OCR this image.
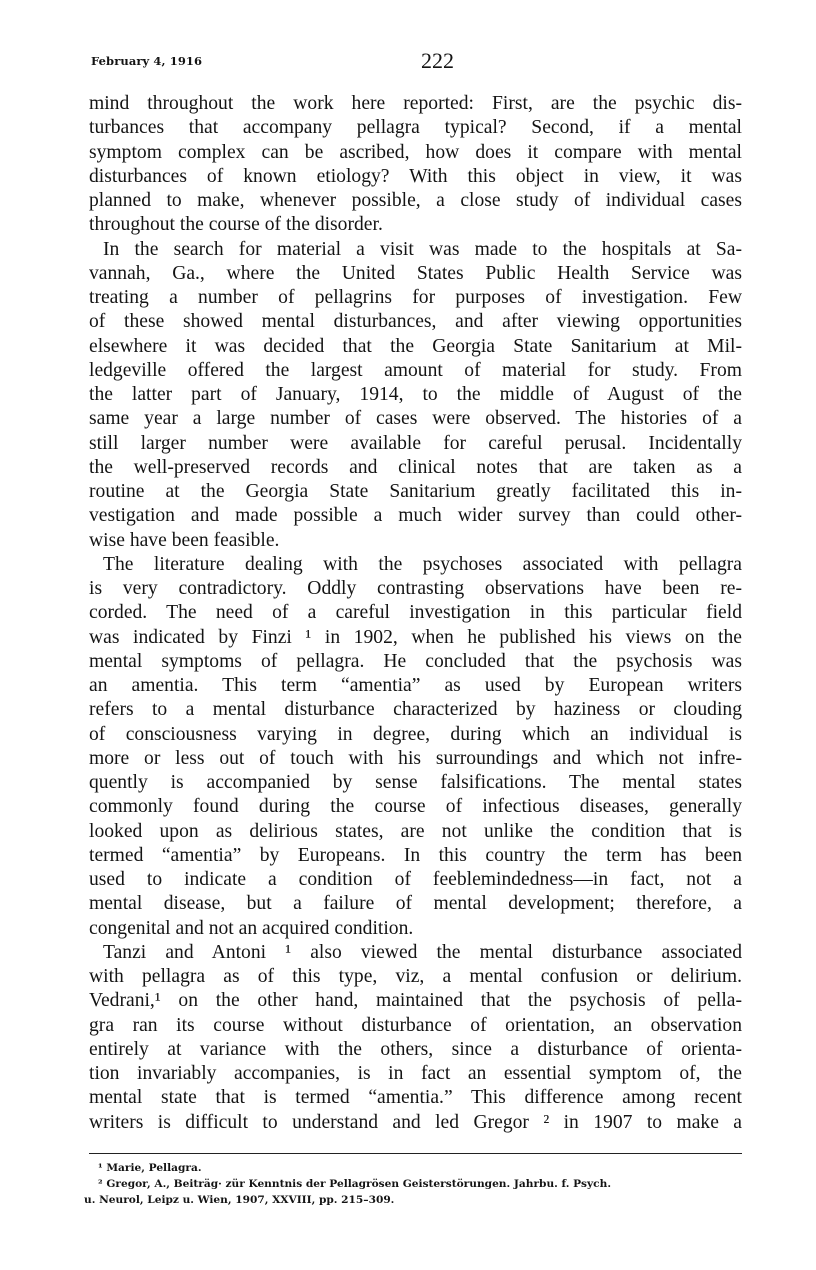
February 4, 1916	222

mind throughout the work here reported: First, are the psychic dis-
turbances that accompany pellagra typical? Second, if a mental
symptom complex can be ascribed, how does it compare with mental
disturbances of known etiology? With this object in view, it was
planned to make, whenever possible, a close study of individual cases
throughout the course of the disorder.

In the search for material a visit was made to the hospitals at Sa-
vannah, Ga., where the United States Public Health Service was
treating a number of pellagrins for purposes of investigation. Few
of these showed mental disturbances, and after viewing opportunities
elsewhere it was decided that the Georgia State Sanitarium at Mil-
ledgeville offered the largest amount of material for study. From
the latter part of January, 1914, to the middle of August of the
same year a large number of cases were observed. The histories of a
still larger number were available for careful perusal. Incidentally
the well-preserved records and clinical notes that are taken as a
routine at the Georgia State Sanitarium greatly facilitated this in-
vestigation and made possible a much wider survey than could other-
wise have been feasible.

The literature dealing with the psychoses associated with pellagra
is very contradictory. Oddly contrasting observations have been re-
corded. The need of a careful investigation in this particular field
was indicated by Finzi ¹ in 1902, when he published his views on the
mental symptoms of pellagra. He concluded that the psychosis was
an amentia. This term “amentia” as used by European writers
refers to a mental disturbance characterized by haziness or clouding
of consciousness varying in degree, during which an individual is
more or less out of touch with his surroundings and which not infre-
quently is accompanied by sense falsifications. The mental states
commonly found during the course of infectious diseases, generally
looked upon as delirious states, are not unlike the condition that is
termed “amentia” by Europeans. In this country the term has been
used to indicate a condition of feeblemindedness—in fact, not a
mental disease, but a failure of mental development; therefore, a
congenital and not an acquired condition.

Tanzi and Antoni ¹ also viewed the mental disturbance associated
with pellagra as of this type, viz, a mental confusion or delirium.
Vedrani,¹ on the other hand, maintained that the psychosis of pella-
gra ran its course without disturbance of orientation, an observation
entirely at variance with the others, since a disturbance of orienta-
tion invariably accompanies, is in fact an essential symptom of, the
mental state that is termed “amentia.” This difference among recent
writers is difficult to understand and led Gregor ² in 1907 to make a

¹ Marie, Pellagra.
² Gregor, A., Beiträg· zür Kenntnis der Pellagrösen Geisterstörungen. Jahrbu. f. Psych.
u. Neurol, Leipz u. Wien, 1907, XXVIII, pp. 215–309.
